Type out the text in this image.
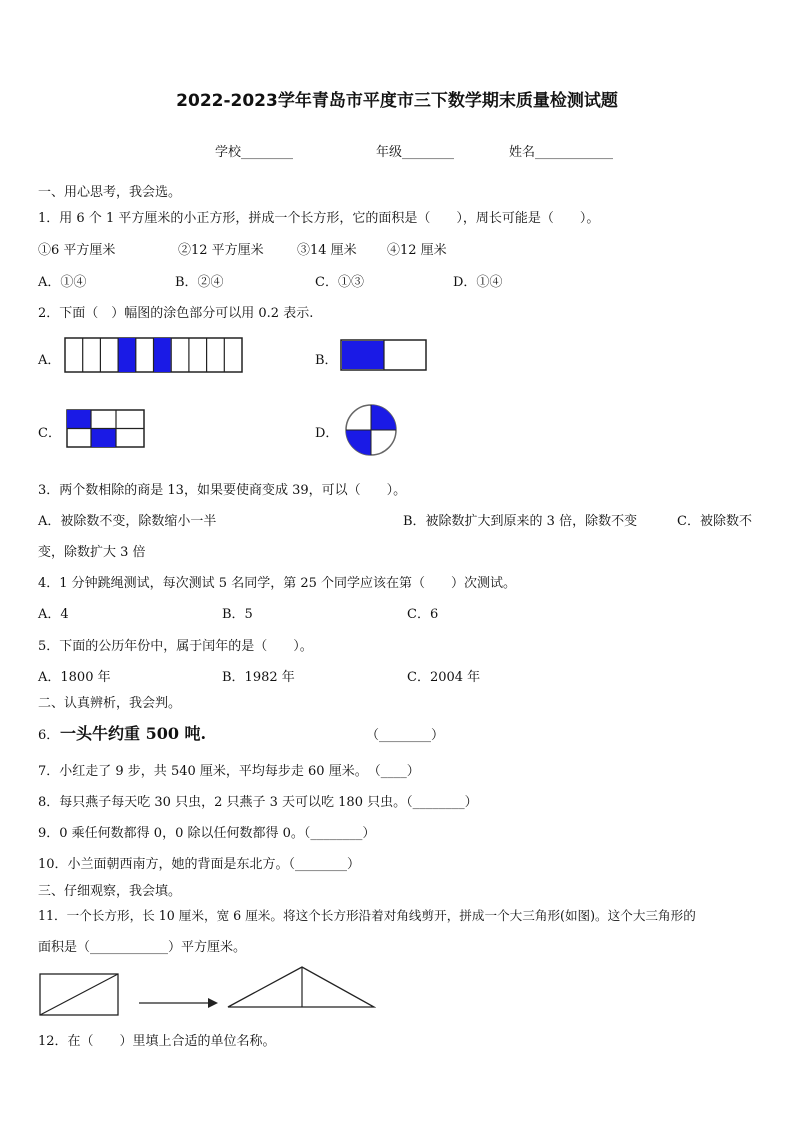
2022-2023学年青岛市平度市三下数学期末质量检测试题
学校________	年级________	姓名____________
一、用心思考，我会选。
1．用 6 个 1 平方厘米的小正方形，拼成一个长方形，它的面积是（　　），周长可能是（　　）。
①6 平方厘米	②12 平方厘米	③14 厘米 ④12 厘米
A．①④	B．②④	C．①③	D．①④
2．下面（　）幅图的涂色部分可以用 0.2 表示.
A．	B．
C．	D．
3．两个数相除的商是 13，如果要使商变成 39，可以（　　）。
A．被除数不变，除数缩小一半	B．被除数扩大到原来的 3 倍，除数不变	C．被除数不
变，除数扩大 3 倍
4．1 分钟跳绳测试，每次测试 5 名同学，第 25 个同学应该在第（　　）次测试。
A．4	B．5	C．6
5．下面的公历年份中，属于闰年的是（　　）。
A．1800 年	B．1982 年	C．2004 年
二、认真辨析，我会判。
6． 一头牛约重 500 吨.	（________）
7．小红走了 9 步，共 540 厘米，平均每步走 60 厘米。　（____）
8．每只燕子每天吃 30 只虫，2 只燕子 3 天可以吃 180 只虫。（________）
9．0 乘任何数都得 0，0 除以任何数都得 0。（________）
10．小兰面朝西南方，她的背面是东北方。（________）
三、仔细观察，我会填。
11．一个长方形，长 10 厘米，宽 6 厘米。将这个长方形沿着对角线剪开，拼成一个大三角形(如图)。这个大三角形的
面积是（____________）平方厘米。
12．在（　　）里填上合适的单位名称。
